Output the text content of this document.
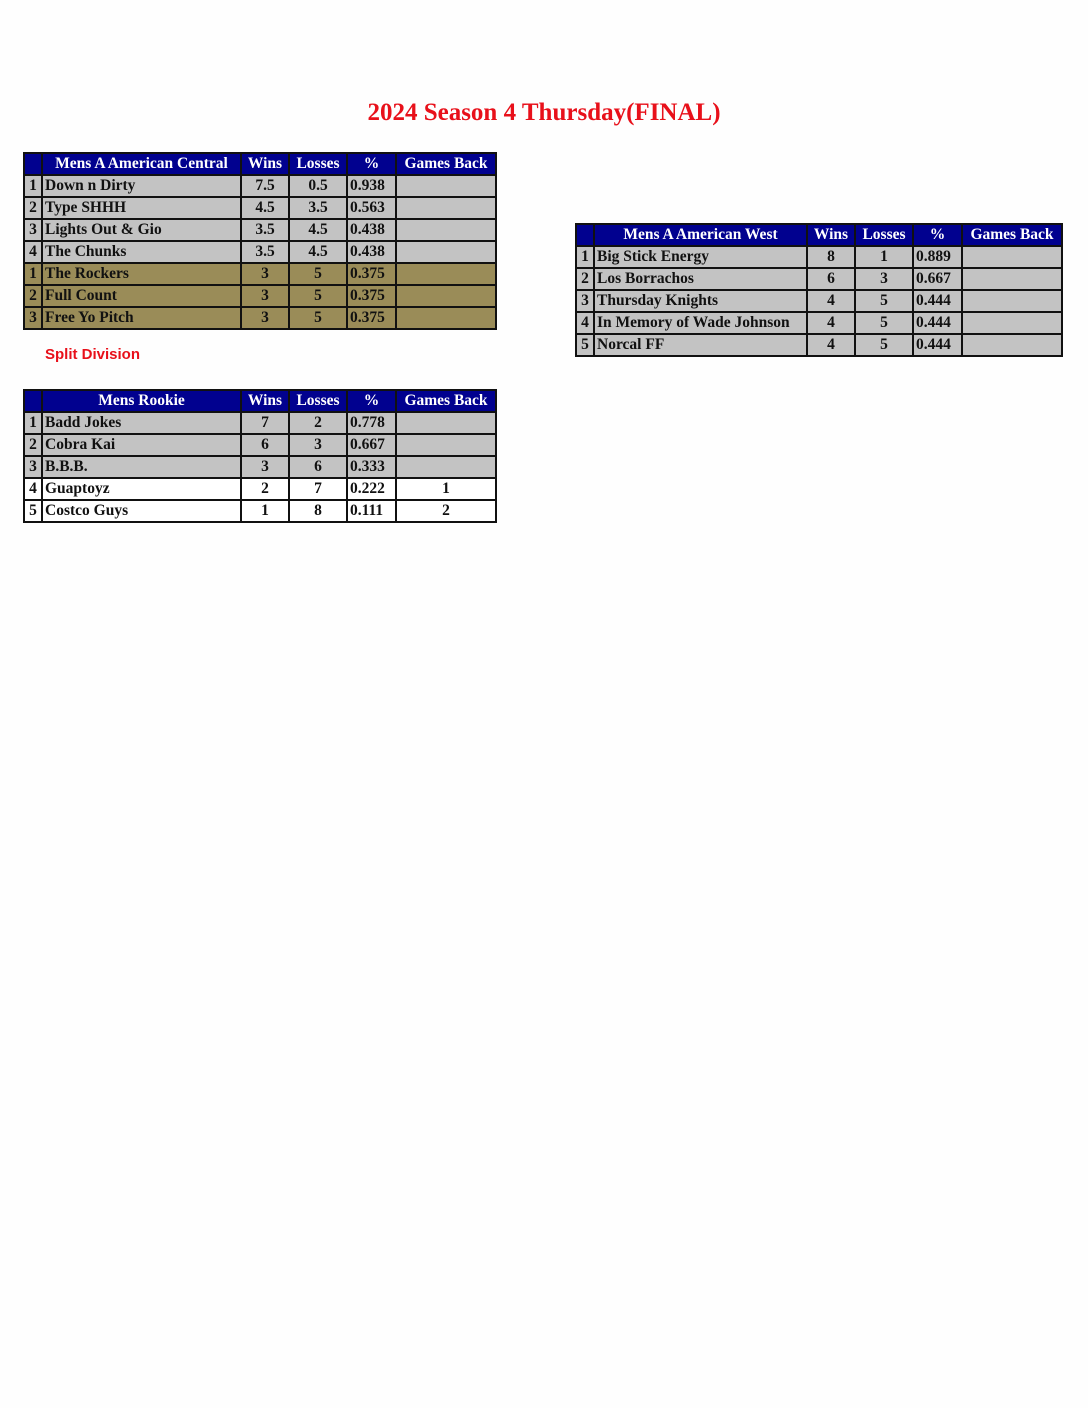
2024 Season 4 Thursday(FINAL)
	Mens A American Central	Wins	Losses	%	Games Back
1	Down n Dirty	7.5	0.5	0.938	
2	Type SHHH	4.5	3.5	0.563	
3	Lights Out & Gio	3.5	4.5	0.438	
4	The Chunks	3.5	4.5	0.438	
1	The Rockers	3	5	0.375	
2	Full Count	3	5	0.375	
3	Free Yo Pitch	3	5	0.375	
Split Division
	Mens A American West	Wins	Losses	%	Games Back
1	Big Stick Energy	8	1	0.889	
2	Los Borrachos	6	3	0.667	
3	Thursday Knights	4	5	0.444	
4	In Memory of Wade Johnson	4	5	0.444	
5	Norcal FF	4	5	0.444	
	Mens Rookie	Wins	Losses	%	Games Back
1	Badd Jokes	7	2	0.778	
2	Cobra Kai	6	3	0.667	
3	B.B.B.	3	6	0.333	
4	Guaptoyz	2	7	0.222	1
5	Costco Guys	1	8	0.111	2
